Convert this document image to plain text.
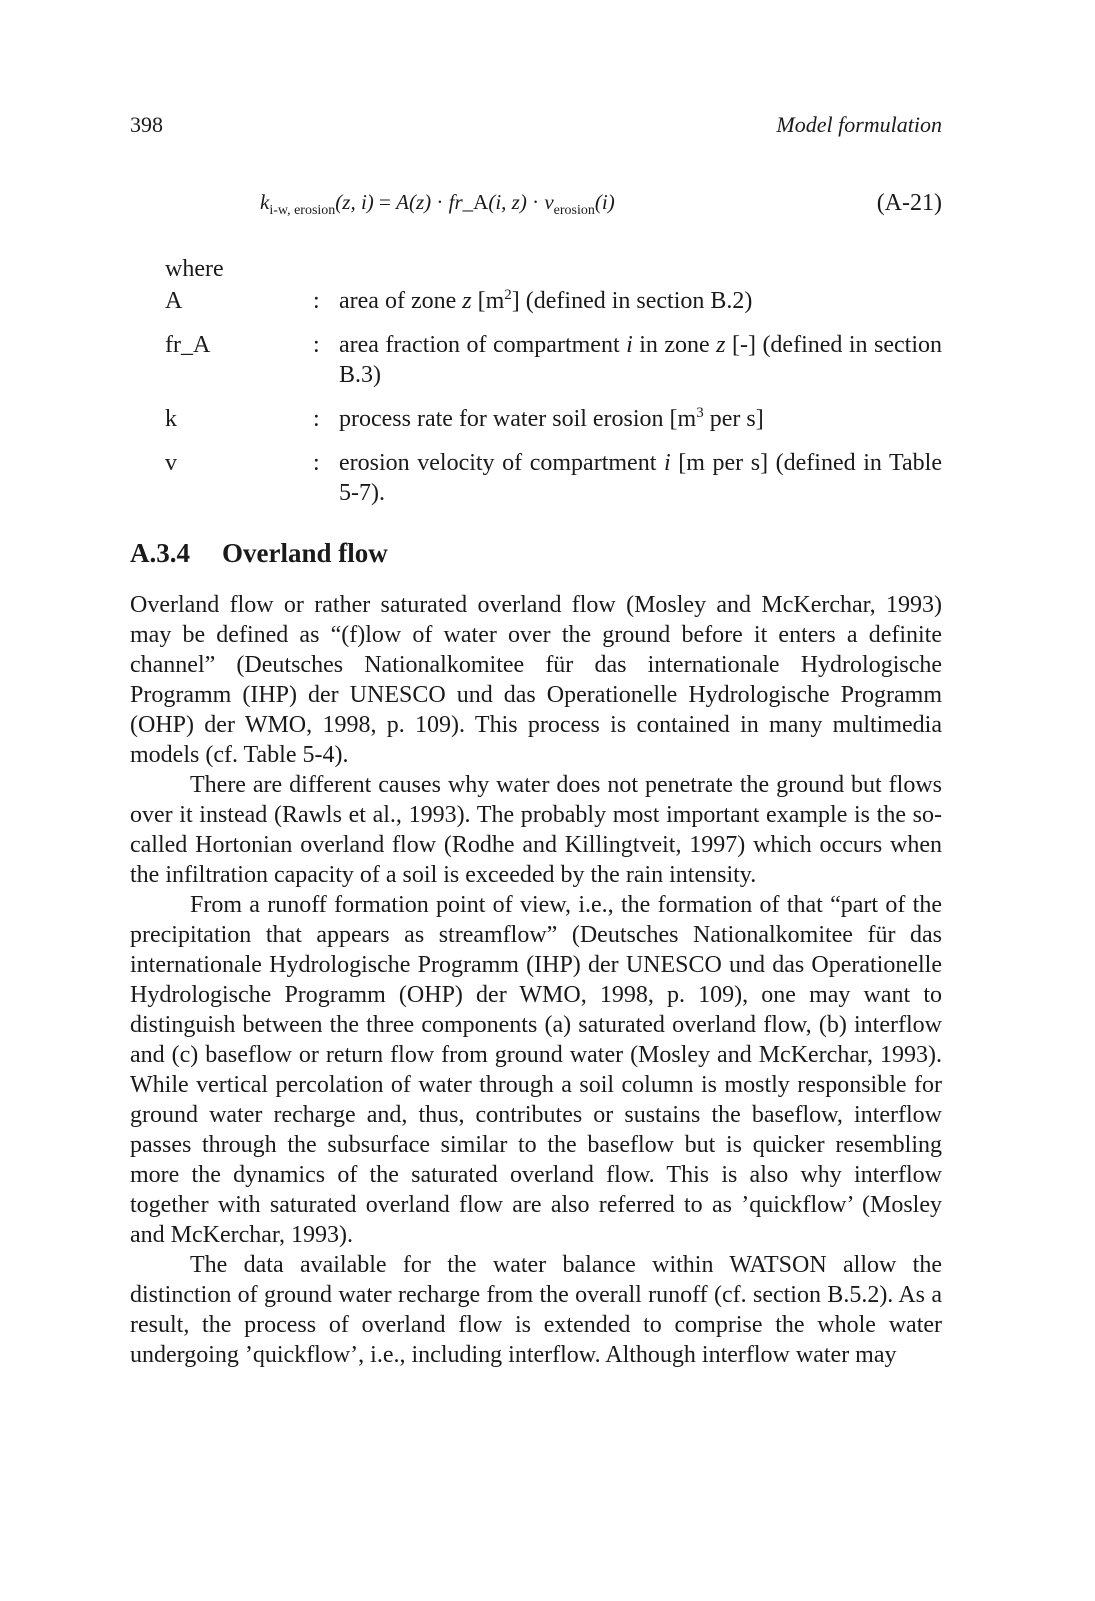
398	Model formulation
$k_{i-w, erosion}(z$, i) = A(z) · fr_A(i, $z) \cdot v_{erosion}(i)$	(A-21)
where
A	: area of zone z $[m^2]$ (defined in section B.2)
fr_A	: area fraction of compartment i in zone z [-] (defined in section B.3)
k	: process rate for water soil erosion [$m^3$ per s]
v	: erosion velocity of compartment i [m per s] (defined in Table 5-7).
A.3.4 Overland flow

Overland flow or rather saturated overland flow (Mosley and McKerchar, 1993) may be defined as “(f)low of water over the ground before it enters a definite channel” (Deutsches Nationalkomitee für das internationale Hydrologische Programm (IHP) der UNESCO und das Operationelle Hydrologische Programm (OHP) der WMO, 1998, p. 109). This process is contained in many multimedia models (cf. Table 5-4).

There are different causes why water does not penetrate the ground but flows over it instead (Rawls et al., 1993). The probably most important example is the so-called Hortonian overland flow (Rodhe and Killingtveit, 1997) which occurs when the infiltration capacity of a soil is exceeded by the rain intensity.

From a runoff formation point of view, i.e., the formation of that “part of the precipitation that appears as streamflow” (Deutsches Nationalkomitee für das internationale Hydrologische Programm (IHP) der UNESCO und das Operationelle Hydrologische Programm (OHP) der WMO, 1998, p. 109), one may want to distinguish between the three components (a) saturated overland flow, (b) interflow and (c) baseflow or return flow from ground water (Mosley and McKerchar, 1993). While vertical percolation of water through a soil column is mostly responsible for ground water recharge and, thus, contributes or sustains the baseflow, interflow passes through the subsurface similar to the baseflow but is quicker resembling more the dynamics of the saturated overland flow. This is also why interflow together with saturated overland flow are also referred to as ’quickflow’ (Mosley and McKerchar, 1993).

The data available for the water balance within WATSON allow the distinction of ground water recharge from the overall runoff (cf. section B.5.2). As a result, the process of overland flow is extended to comprise the whole water undergoing ’quickflow’, i.e., including interflow. Although interflow water may
